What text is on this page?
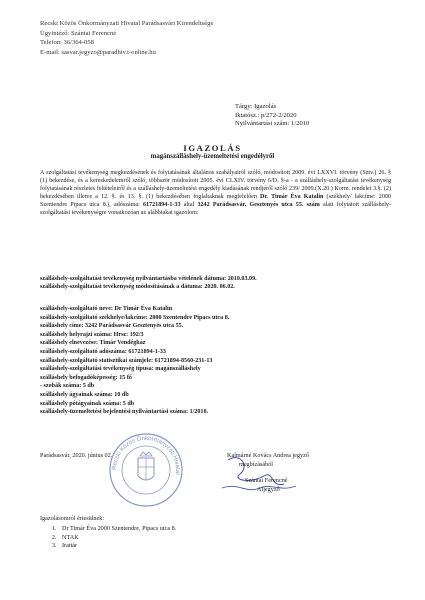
Recski Közös Önkormányzati Hivatal Parádsasvári Kirendeltsége
Ügyintéző: Szántai Ferencné
Telefon: 36/364-058
E-mail: sasvar.jegyzo@paradhiv.t-online.hu
Tárgy: Igazolás
Iktatósz.: p/272-2/2020
Nyilvántartási szám: 1/2010
IGAZOLÁS
magánszálláshely-üzemeltetési engedélyről

A szolgáltatási tevékenység megkezdésének és folytatásának általános szabályairól szóló, módosított 2009. évi LXXVI. törvény (Sztv.) 26. § (1) bekezdése, és a kereskedelemről szóló, többször módosított 2005. évi CLXIV. törvény 6/D. §-a - a szálláshely-szolgáltatási tevékenység folytatásának részletes feltételeiről és a szálláshely-üzemeltetési engedély kiadásának rendjéről szóló 239/ 2009.(X.20.) Korm. rendelet 3.§. (2) bekezdésében illetve a 12. §. és 13. §. (1) bekezdésében foglaltaknak megfelelően Dr. Timár Éva Katalin (székhely/ lakcíme: 2000 Szentendre Pipacs utca 8.), adószáma: 61721894-1-33 által 3242 Parádsasvár, Gesztenyés utca 55. szám alatt folytatott szálláshely-szolgáltatási tevékenységre vonatkozóan az alábbiakat igazolom:

szálláshely-szolgáltatási tevékenység nyilvántartásba vételének dátuma: 2010.03.09.
szálláshely-szolgáltatási tevékenység módosításának a dátuma: 2020. 06.02.
szálláshely-szolgáltató neve: Dr Timár Éva Katalin
szálláshely-szolgáltató székhelye/lakcíme: 2000 Szentendre Pipacs utca 8.
szálláshely címe: 3242 Parádsasvár Gesztenyés utca 55.
szálláshely helyrajzi száma: Hrsz: 192/3
szálláshely elnevezése: Timár Vendégház
szálláshely-szolgáltató adószáma: 61721894-1-33
szálláshely-szolgáltató statisztikai számjele: 61721894-8560-231-13
szálláshely-szolgáltatási tevékenység típusa: magánszálláshely
szálláshely befogadóképesség: 15 fő
- szobák száma: 5 db
szálláshely ágyainak száma: 10 db
szálláshely pótágyainak száma: 5 db
szálláshely-üzemeltetési bejelentési nyilvántartási száma: 1/2010.
Parádsasvár, 2020. június 02.
Recski Közös Önkormányzati Hivatal
Kalmárné Kovács Andrea jegyző
megbízásából
Szántai Ferencné
Aljegyző
Igazolásomról értesülnek:
1. Dr Timár Éva 2000 Szentendre, Pipacs utca 8.
2. NTAK
3. Irattár
